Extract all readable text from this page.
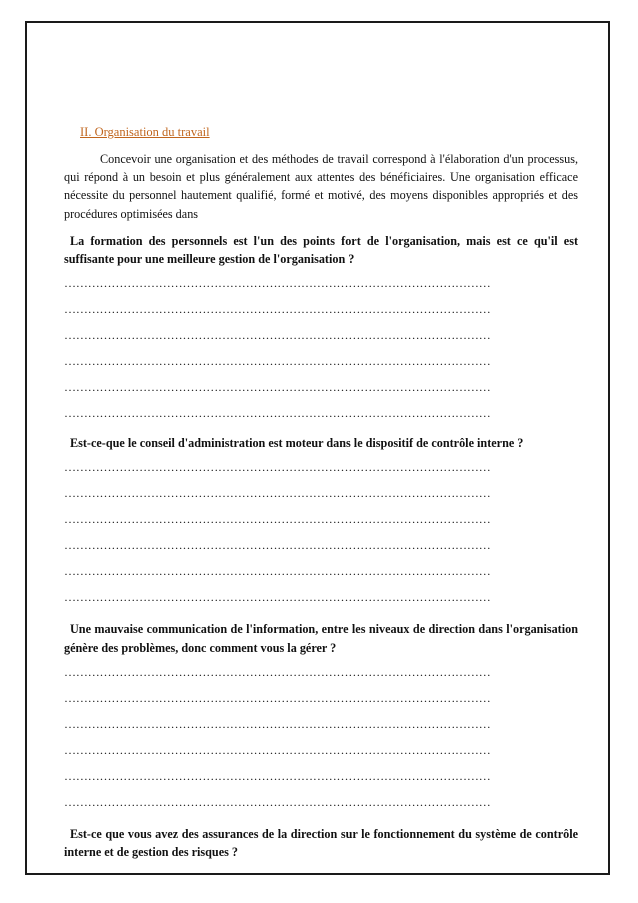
II. Organisation du travail

Concevoir une organisation et des méthodes de travail correspond à l'élaboration d'un processus, qui répond à un besoin et plus généralement aux attentes des bénéficiaires. Une organisation efficace nécessite du personnel hautement qualifié, formé et motivé, des moyens disponibles appropriés et des procédures optimisées dans

La formation des personnels est l'un des points fort de l'organisation, mais est ce qu'il est suffisante pour une meilleure gestion de l'organisation ?

………………………………………………………………………………………………
………………………………………………………………………………………………
………………………………………………………………………………………………
………………………………………………………………………………………………
………………………………………………………………………………………………
………………………………………………………………………………………………

Est-ce-que le conseil d'administration est moteur dans le dispositif de contrôle interne ?

………………………………………………………………………………………………
………………………………………………………………………………………………
………………………………………………………………………………………………
………………………………………………………………………………………………
………………………………………………………………………………………………
………………………………………………………………………………………………

Une mauvaise communication de l'information, entre les niveaux de direction dans l'organisation génère des problèmes, donc comment vous la gérer ?

………………………………………………………………………………………………
………………………………………………………………………………………………
………………………………………………………………………………………………
………………………………………………………………………………………………
………………………………………………………………………………………………
………………………………………………………………………………………………

Est-ce que vous avez des assurances de la direction sur le fonctionnement du système de contrôle interne et de gestion des risques ?
